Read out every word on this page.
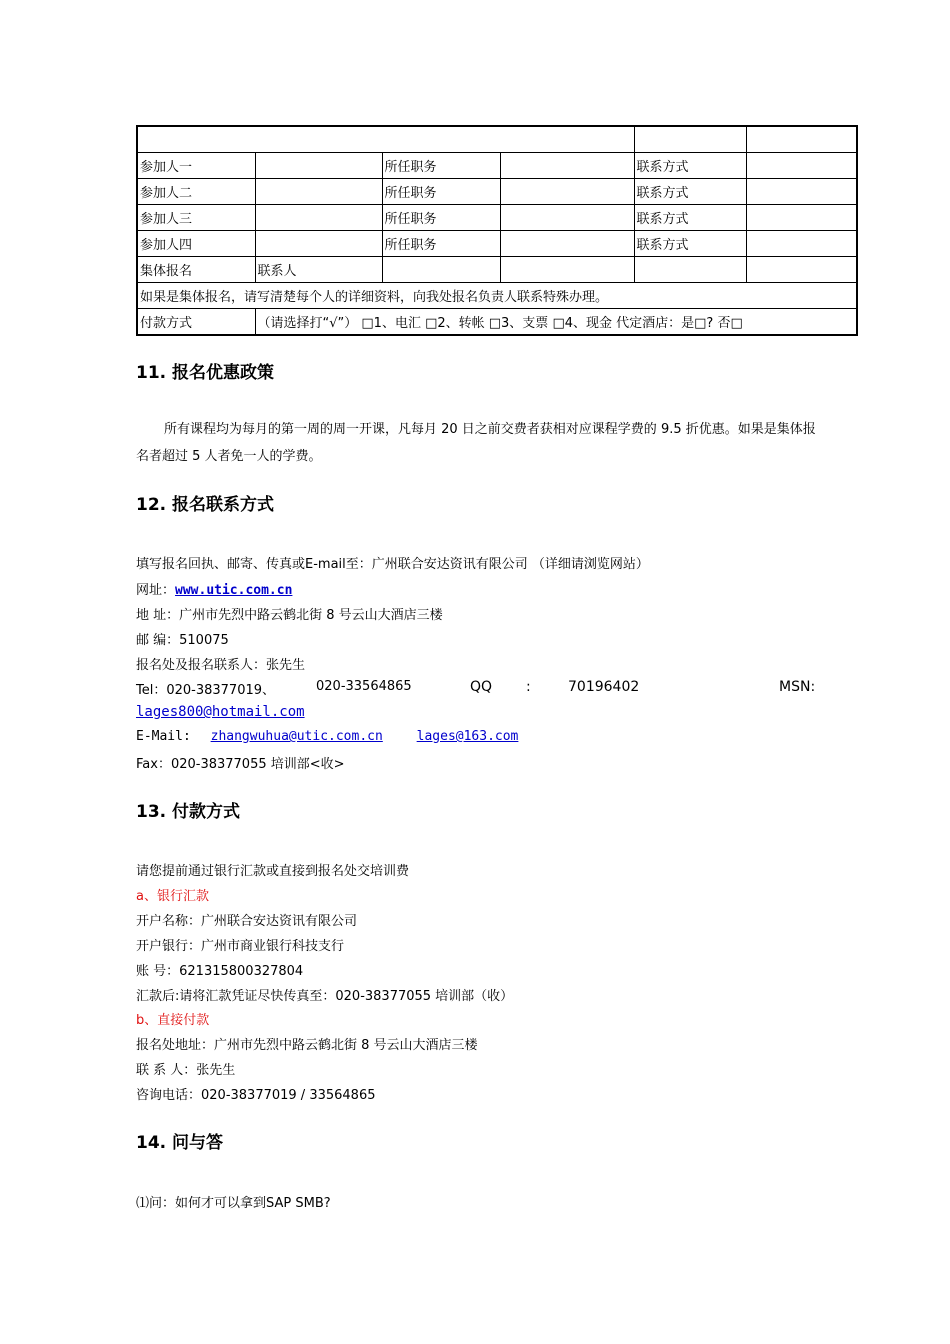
参加人一		所任职务		联系方式	
参加人二		所任职务		联系方式	
参加人三		所任职务		联系方式	
参加人四		所任职务		联系方式	
集体报名	联系人				
如果是集体报名，请写清楚每个人的详细资料，向我处报名负责人联系特殊办理。					
付款方式	（请选择打“√”） □1、电汇 □2、转帐 □3、支票 □4、现金 代定酒店：是□? 否□				
11. 报名优惠政策

所有课程均为每月的第一周的周一开课，凡每月 20 日之前交费者获相对应课程学费的 9.5 折优惠。如果是集体报名者超过 5 人者免一人的学费。

12. 报名联系方式

填写报名回执、邮寄、传真或E-mail至：广州联合安达资讯有限公司 （详细请浏览网站）

网址：www.utic.com.cn

地 址：广州市先烈中路云鹤北街 8 号云山大酒店三楼

邮 编：510075

报名处及报名联系人：张先生

Tel：020-38377019、	020-33564865	QQ :	70196402	MSN:

lages800@hotmail.com

E-Mail: zhangwuhua@utic.com.cn	lages@163.com

Fax：020-38377055 培训部<收>

13. 付款方式

请您提前通过银行汇款或直接到报名处交培训费

a、银行汇款

开户名称：广州联合安达资讯有限公司

开户银行：广州市商业银行科技支行

账 号：621315800327804

汇款后:请将汇款凭证尽快传真至：020-38377055 培训部（收）

b、直接付款

报名处地址：广州市先烈中路云鹤北街 8 号云山大酒店三楼

联 系 人：张先生

咨询电话：020-38377019 / 33564865

14. 问与答

⑴问：如何才可以拿到SAP SMB?
